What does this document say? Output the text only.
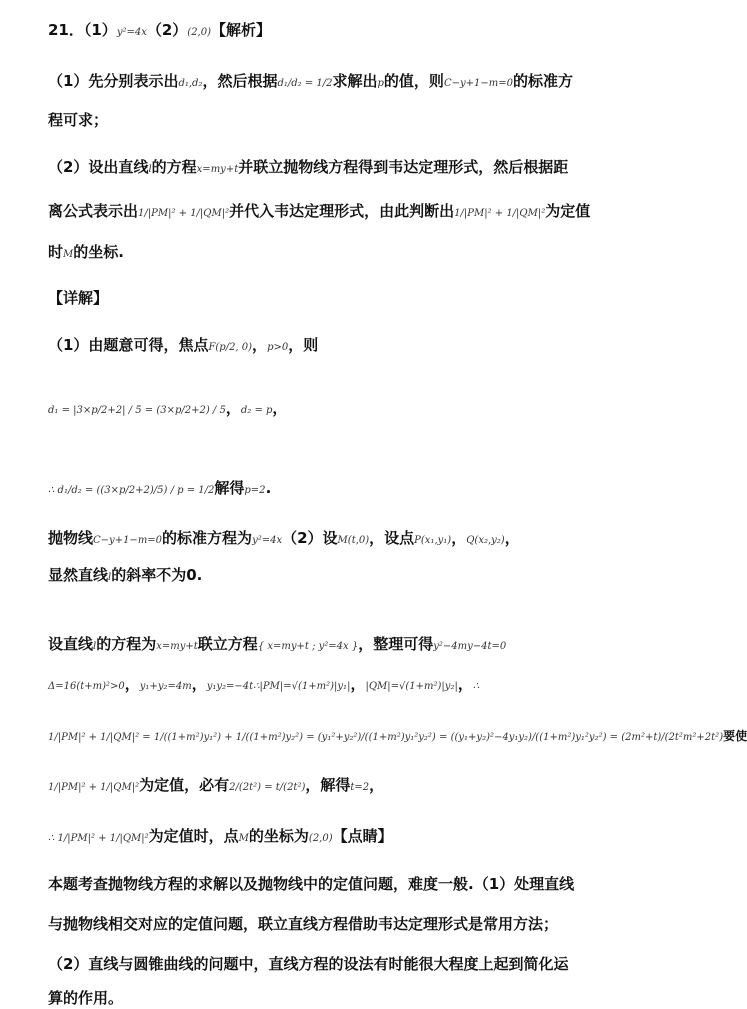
21．（1）y²=4x（2）(2,0)【解析】
（1）先分别表示出d₁,d₂，然后根据d₁/d₂ = 1/2求解出p的值，则C−y+1−m=0的标准方
程可求；
（2）设出直线l的方程x=my+t并联立抛物线方程得到韦达定理形式，然后根据距
离公式表示出1/|PM|² + 1/|QM|²并代入韦达定理形式，由此判断出1/|PM|² + 1/|QM|²为定值
时M的坐标.
【详解】
（1）由题意可得，焦点F(p/2, 0)，p>0，则
d₁ = |3×p/2+2| / 5 = (3×p/2+2) / 5，d₂ = p，
∴ d₁/d₂ = ((3×p/2+2)/5) / p = 1/2解得p=2.
抛物线C−y+1−m=0的标准方程为y²=4x（2）设M(t,0)，设点P(x₁,y₁)，Q(x₂,y₂)，
显然直线l的斜率不为0.
设直线l的方程为x=my+t联立方程{ x=my+t ; y²=4x }，整理可得y²−4my−4t=0
Δ=16(t+m)²>0，y₁+y₂=4m，y₁y₂=−4t∴|PM|=√(1+m²)|y₁|，|QM|=√(1+m²)|y₂|，∴
1/|PM|² + 1/|QM|² = 1/((1+m²)y₁²) + 1/((1+m²)y₂²) = (y₁²+y₂²)/((1+m²)y₁²y₂²) = ((y₁+y₂)²−4y₁y₂)/((1+m²)y₁²y₂²) = (2m²+t)/(2t²m²+2t²)要使
1/|PM|² + 1/|QM|²为定值，必有2/(2t²) = t/(2t²)，解得t=2，
∴ 1/|PM|² + 1/|QM|²为定值时，点M的坐标为(2,0)【点睛】
本题考查抛物线方程的求解以及抛物线中的定值问题，难度一般.（1）处理直线
与抛物线相交对应的定值问题，联立直线方程借助韦达定理形式是常用方法；
（2）直线与圆锥曲线的问题中，直线方程的设法有时能很大程度上起到简化运
算的作用。
